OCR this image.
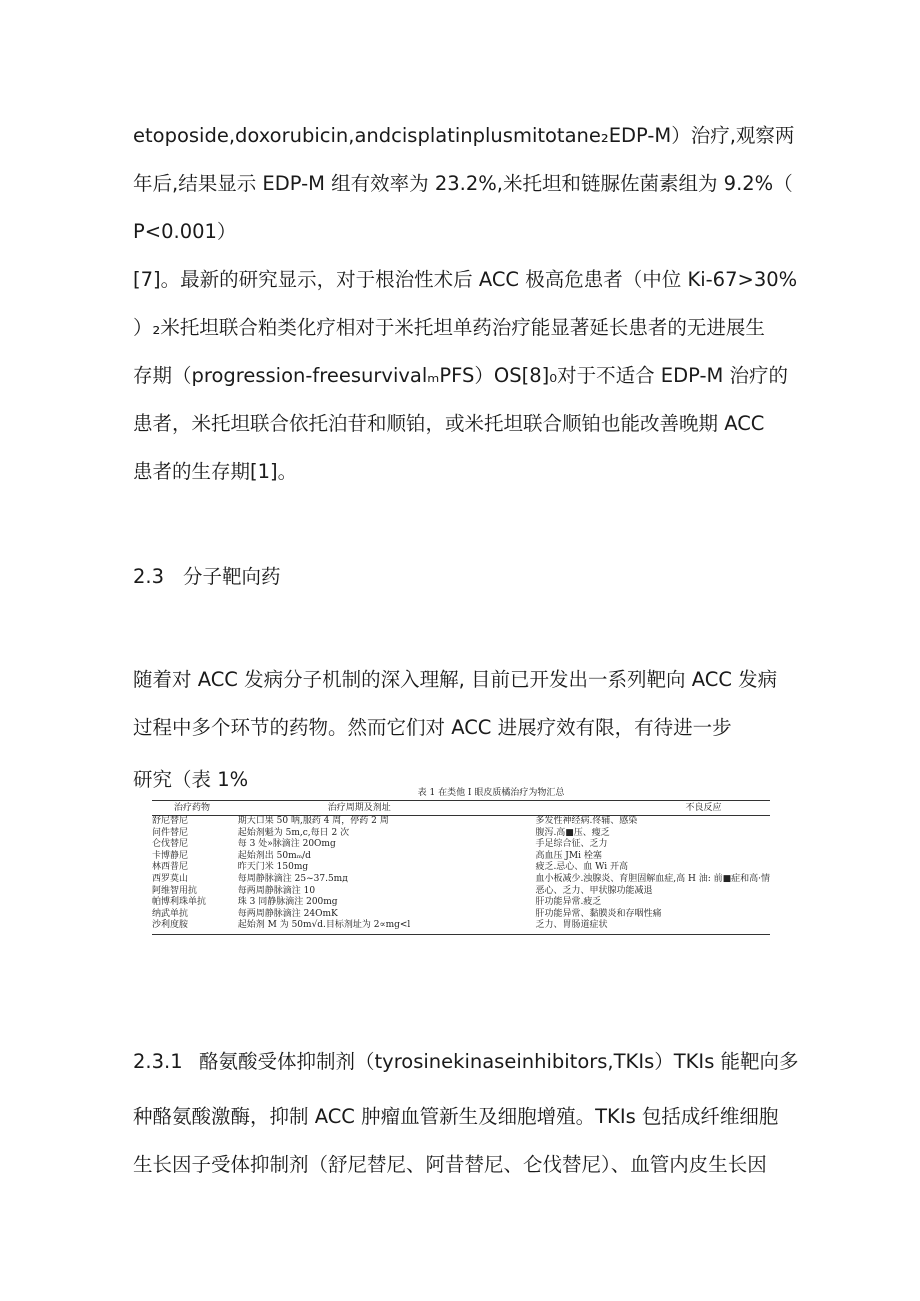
etoposide,doxorubicin,andcisplatinplusmitotane₂EDP-M）治疗,观察两
年后,结果显示 EDP-M 组有效率为 23.2%,米托坦和链脲佐菌素组为 9.2%（
P<0.001）
[7]。最新的研究显示，对于根治性术后 ACC 极高危患者（中位 Ki-67>30%
）₂米托坦联合粕类化疗相对于米托坦单药治疗能显著延长患者的无进展生
存期（progression-freesurvivalₘPFS）OS[8]₀对于不适合 EDP-M 治疗的
患者，米托坦联合依托泊苷和顺铂，或米托坦联合顺铂也能改善晚期 ACC
患者的生存期[1]。
2.3 分子靶向药
随着对 ACC 发病分子机制的深入理解, 目前已开发出一系列靶向 ACC 发病
过程中多个环节的药物。然而它们对 ACC 进展疗效有限，有待进一步
研究（表 1%
表 1 在类他 I 眼皮质橘治疗为物汇总
治疗药物	治疗周期及剂址	不良反应
舒尼替尼	期大口果 50 呐,服药 4 周，停药 2 周	多发性神经病.佟辅、感染
问件替尼	起始剂魁为 5m,c,每日 2 次	腹泻.高■压、瘦乏
仑伐替尼	每 3 处»脉滴注 20Omg	手足综合征、乏力
卡博静尼	起始剂出 50mₘ/d	高血压 JMi 栓塞
林西普尼	昨天门米 150mg	疲乏.忌心、血 Wi 开高
西罗莫山	每周静脉滴注 25~37.5mд	血小板减少.浊腺炎、育胆固解血症,高 H 油: 前■症和高·情
阿维智用抗	每两周静脉滴注 10	恶心、乏力、甲状腺功能减退
帕博利珠单抗	珠 3 同静脉滴注 200mg	肝功能异常.疲乏
纳武单抗	每两周静脉滴注 24OmK	肝功能异常、黏膜炎和存咽性痛
沙利度胺	起始剂 M 为 50m√d.目标剂址为 2∝mg<l	乏力、胃肠道症状
2.3.1 酪氨酸受体抑制剂（tyrosinekinaseinhibitors,TKIs）TKIs 能靶向多
种酪氨酸激酶，抑制 ACC 肿瘤血管新生及细胞增殖。TKIs 包括成纤维细胞
生长因子受体抑制剂（舒尼替尼、阿昔替尼、仑伐替尼）、血管内皮生长因
